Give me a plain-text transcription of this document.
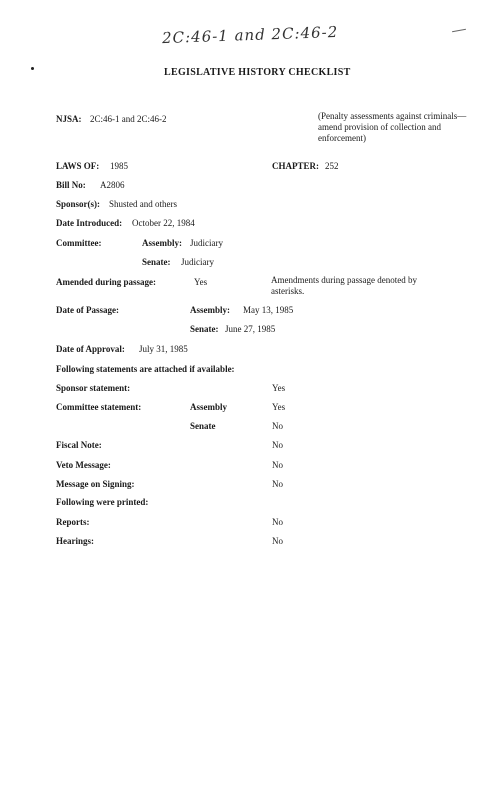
2C:46-1 and 2C:46-2
LEGISLATIVE HISTORY CHECKLIST
NJSA: 2C:46-1 and 2C:46-2	(Penalty assessments against criminals—amend provision of collection and enforcement)
LAWS OF: 1985	CHAPTER: 252
Bill No: A2806
Sponsor(s): Shusted and others
Date Introduced: October 22, 1984
Committee:	Assembly: Judiciary
Senate: Judiciary
Amended during passage:	Yes	Amendments during passage denoted by asterisks.
Date of Passage:	Assembly: May 13, 1985
Senate: June 27, 1985
Date of Approval: July 31, 1985
Following statements are attached if available:
Sponsor statement:	Yes
Committee statement:	Assembly	Yes
Senate	No
Fiscal Note:	No
Veto Message:	No
Message on Signing:	No
Following were printed:
Reports:	No
Hearings:	No
